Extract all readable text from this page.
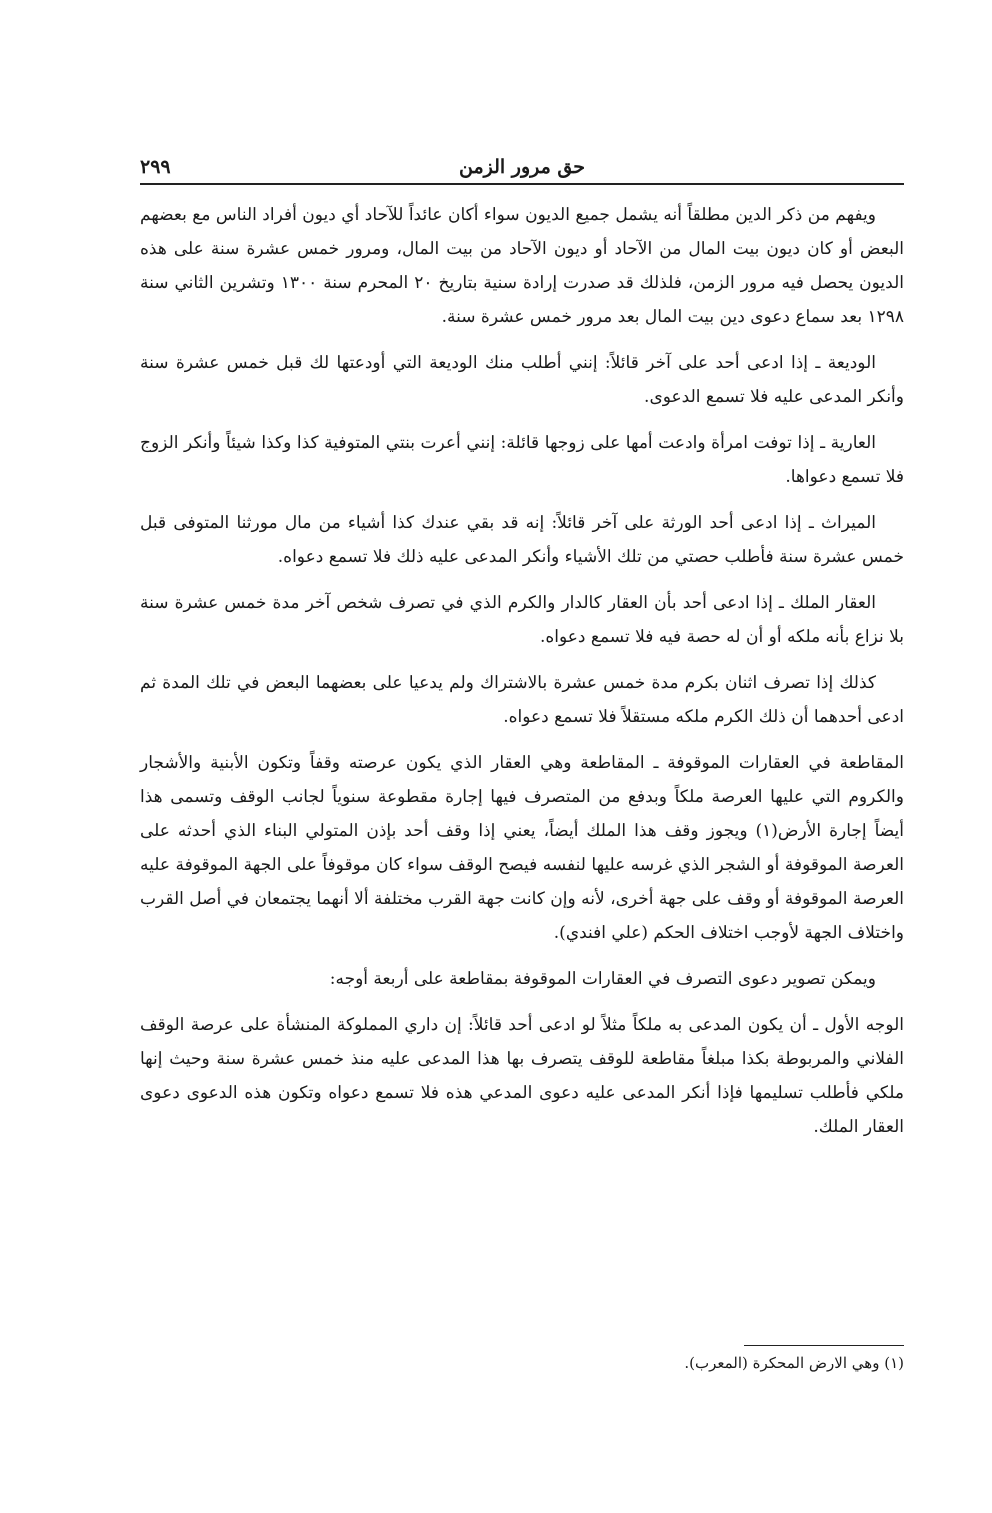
حق مرور الزمن
٢٩٩

ويفهم من ذكر الدين مطلقاً أنه يشمل جميع الديون سواء أكان عائداً للآحاد أي ديون أفراد الناس مع بعضهم البعض أو كان ديون بيت المال من الآحاد أو ديون الآحاد من بيت المال، ومرور خمس عشرة سنة على هذه الديون يحصل فيه مرور الزمن، فلذلك قد صدرت إرادة سنية بتاريخ ٢٠ المحرم سنة ١٣٠٠ وتشرين الثاني سنة ١٢٩٨ بعد سماع دعوى دين بيت المال بعد مرور خمس عشرة سنة.

الوديعة ـ إذا ادعى أحد على آخر قائلاً: إنني أطلب منك الوديعة التي أودعتها لك قبل خمس عشرة سنة وأنكر المدعى عليه فلا تسمع الدعوى.

العارية ـ إذا توفت امرأة وادعت أمها على زوجها قائلة: إنني أعرت بنتي المتوفية كذا وكذا شيئاً وأنكر الزوج فلا تسمع دعواها.

الميراث ـ إذا ادعى أحد الورثة على آخر قائلاً: إنه قد بقي عندك كذا أشياء من مال مورثنا المتوفى قبل خمس عشرة سنة فأطلب حصتي من تلك الأشياء وأنكر المدعى عليه ذلك فلا تسمع دعواه.

العقار الملك ـ إذا ادعى أحد بأن العقار كالدار والكرم الذي في تصرف شخص آخر مدة خمس عشرة سنة بلا نزاع بأنه ملكه أو أن له حصة فيه فلا تسمع دعواه.

كذلك إذا تصرف اثنان بكرم مدة خمس عشرة بالاشتراك ولم يدعيا على بعضهما البعض في تلك المدة ثم ادعى أحدهما أن ذلك الكرم ملكه مستقلاً فلا تسمع دعواه.

المقاطعة في العقارات الموقوفة ـ المقاطعة وهي العقار الذي يكون عرصته وقفاً وتكون الأبنية والأشجار والكروم التي عليها العرصة ملكاً وبدفع من المتصرف فيها إجارة مقطوعة سنوياً لجانب الوقف وتسمى هذا أيضاً إجارة الأرض(١) ويجوز وقف هذا الملك أيضاً، يعني إذا وقف أحد بإذن المتولي البناء الذي أحدثه على العرصة الموقوفة أو الشجر الذي غرسه عليها لنفسه فيصح الوقف سواء كان موقوفاً على الجهة الموقوفة عليه العرصة الموقوفة أو وقف على جهة أخرى، لأنه وإن كانت جهة القرب مختلفة ألا أنهما يجتمعان في أصل القرب واختلاف الجهة لأوجب اختلاف الحكم (علي افندي).

ويمكن تصوير دعوى التصرف في العقارات الموقوفة بمقاطعة على أربعة أوجه:

الوجه الأول ـ أن يكون المدعى به ملكاً مثلاً لو ادعى أحد قائلاً: إن داري المملوكة المنشأة على عرصة الوقف الفلاني والمربوطة بكذا مبلغاً مقاطعة للوقف يتصرف بها هذا المدعى عليه منذ خمس عشرة سنة وحيث إنها ملكي فأطلب تسليمها فإذا أنكر المدعى عليه دعوى المدعي هذه فلا تسمع دعواه وتكون هذه الدعوى دعوى العقار الملك.

(١) وهي الارض المحكرة (المعرب).
